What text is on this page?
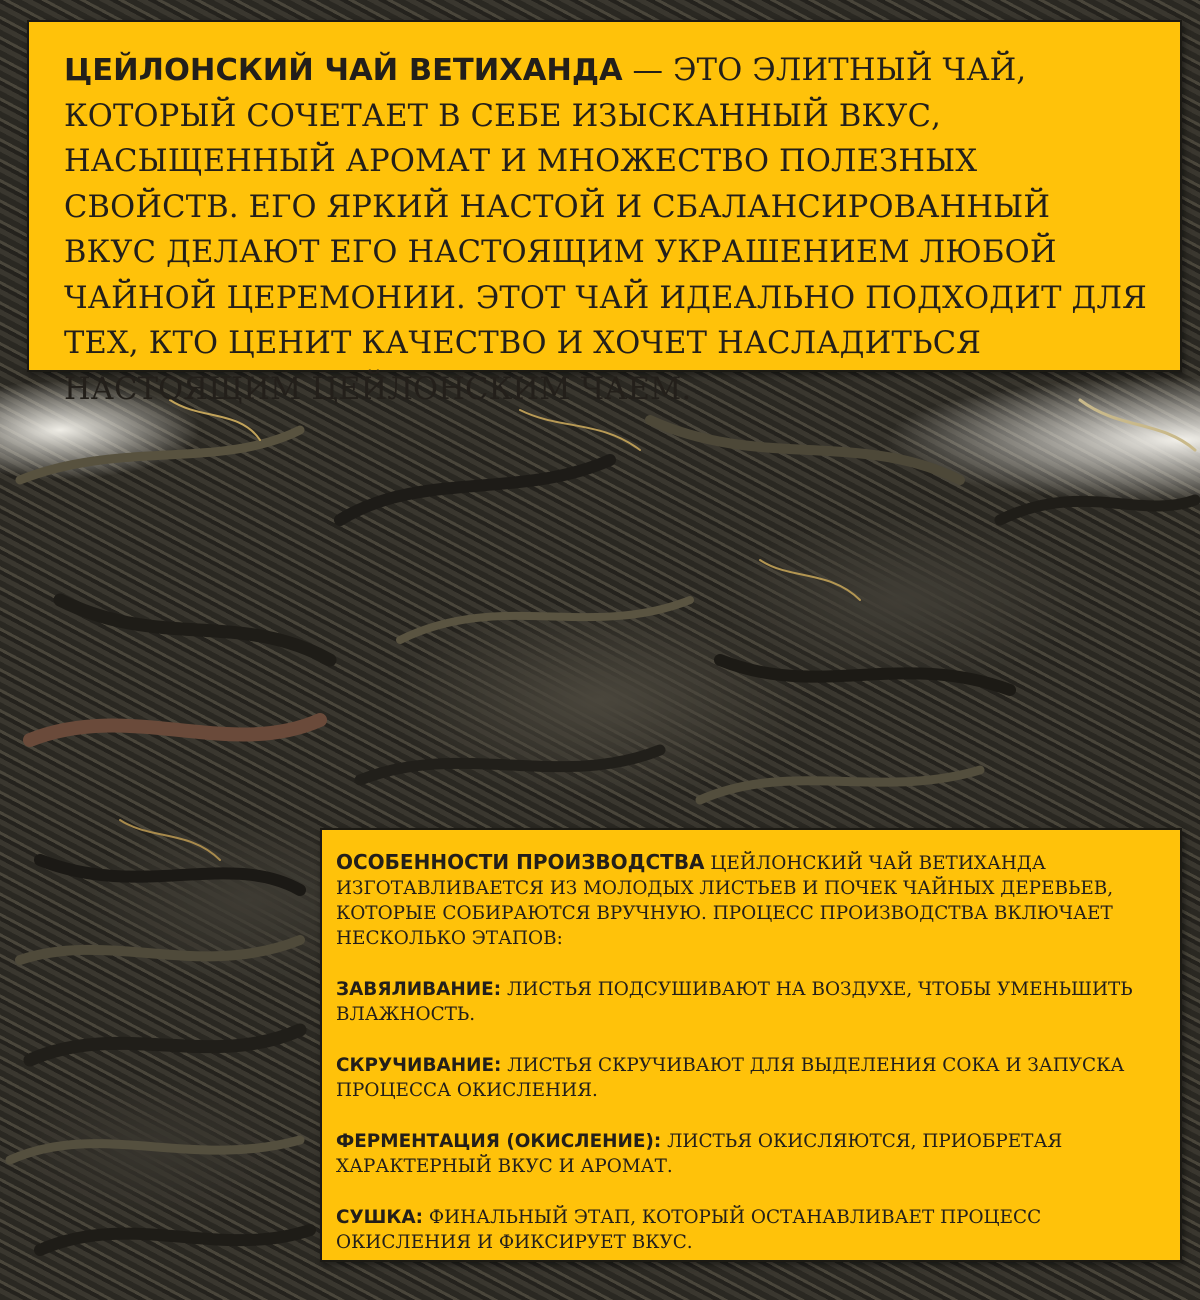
ЦЕЙЛОНСКИЙ ЧАЙ ВЕТИХАНДА — ЭТО ЭЛИТНЫЙ ЧАЙ, КОТОРЫЙ СОЧЕТАЕТ В СЕБЕ ИЗЫСКАННЫЙ ВКУС, НАСЫЩЕННЫЙ АРОМАТ И МНОЖЕСТВО ПОЛЕЗНЫХ СВОЙСТВ. ЕГО ЯРКИЙ НАСТОЙ И СБАЛАНСИРОВАННЫЙ ВКУС ДЕЛАЮТ ЕГО НАСТОЯЩИМ УКРАШЕНИЕМ ЛЮБОЙ ЧАЙНОЙ ЦЕРЕМОНИИ. ЭТОТ ЧАЙ ИДЕАЛЬНО ПОДХОДИТ ДЛЯ ТЕХ, КТО ЦЕНИТ КАЧЕСТВО И ХОЧЕТ НАСЛАДИТЬСЯ НАСТОЯЩИМ ЦЕЙЛОНСКИМ ЧАЕМ.
ОСОБЕННОСТИ ПРОИЗВОДСТВА ЦЕЙЛОНСКИЙ ЧАЙ ВЕТИХАНДА ИЗГОТАВЛИВАЕТСЯ ИЗ МОЛОДЫХ ЛИСТЬЕВ И ПОЧЕК ЧАЙНЫХ ДЕРЕВЬЕВ, КОТОРЫЕ СОБИРАЮТСЯ ВРУЧНУЮ. ПРОЦЕСС ПРОИЗВОДСТВА ВКЛЮЧАЕТ НЕСКОЛЬКО ЭТАПОВ:
ЗАВЯЛИВАНИЕ: ЛИСТЬЯ ПОДСУШИВАЮТ НА ВОЗДУХЕ, ЧТОБЫ УМЕНЬШИТЬ ВЛАЖНОСТЬ.
СКРУЧИВАНИЕ: ЛИСТЬЯ СКРУЧИВАЮТ ДЛЯ ВЫДЕЛЕНИЯ СОКА И ЗАПУСКА ПРОЦЕССА ОКИСЛЕНИЯ.
ФЕРМЕНТАЦИЯ (ОКИСЛЕНИЕ): ЛИСТЬЯ ОКИСЛЯЮТСЯ, ПРИОБРЕТАЯ ХАРАКТЕРНЫЙ ВКУС И АРОМАТ.
СУШКА: ФИНАЛЬНЫЙ ЭТАП, КОТОРЫЙ ОСТАНАВЛИВАЕТ ПРОЦЕСС ОКИСЛЕНИЯ И ФИКСИРУЕТ ВКУС.
